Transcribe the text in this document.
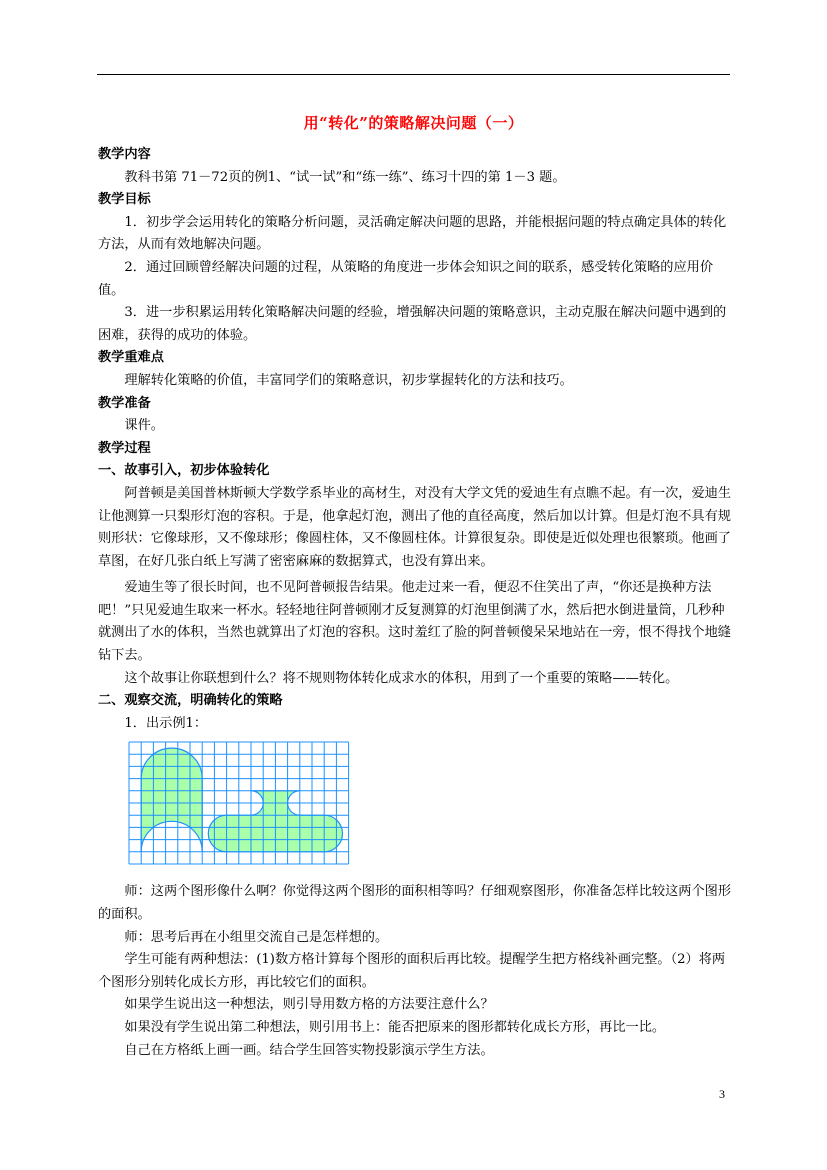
用“转化”的策略解决问题（一）

教学内容

教科书第 71－72页的例1、“试一试”和“练一练”、练习十四的第 1－3 题。

教学目标

1．初步学会运用转化的策略分析问题，灵活确定解决问题的思路，并能根据问题的特点确定具体的转化方法，从而有效地解决问题。

2．通过回顾曾经解决问题的过程，从策略的角度进一步体会知识之间的联系，感受转化策略的应用价值。

3．进一步积累运用转化策略解决问题的经验，增强解决问题的策略意识，主动克服在解决问题中遇到的困难，获得的成功的体验。

教学重难点

理解转化策略的价值，丰富同学们的策略意识，初步掌握转化的方法和技巧。

教学准备

课件。

教学过程

一、故事引入，初步体验转化

阿普顿是美国普林斯顿大学数学系毕业的高材生，对没有大学文凭的爱迪生有点瞧不起。有一次，爱迪生让他测算一只梨形灯泡的容积。于是，他拿起灯泡，测出了他的直径高度，然后加以计算。但是灯泡不具有规则形状：它像球形，又不像球形；像圆柱体，又不像圆柱体。计算很复杂。即使是近似处理也很繁琐。他画了草图，在好几张白纸上写满了密密麻麻的数据算式，也没有算出来。

爱迪生等了很长时间，也不见阿普顿报告结果。他走过来一看，便忍不住笑出了声，“你还是换种方法吧！”只见爱迪生取来一杯水。轻轻地往阿普顿刚才反复测算的灯泡里倒满了水，然后把水倒进量筒，几秒种就测出了水的体积，当然也就算出了灯泡的容积。这时羞红了脸的阿普顿傻呆呆地站在一旁，恨不得找个地缝钻下去。

这个故事让你联想到什么？将不规则物体转化成求水的体积，用到了一个重要的策略——转化。

二、观察交流，明确转化的策略

1．出示例1：

师：这两个图形像什么啊？你觉得这两个图形的面积相等吗？仔细观察图形，你准备怎样比较这两个图形的面积。

师：思考后再在小组里交流自己是怎样想的。

学生可能有两种想法：(1)数方格计算每个图形的面积后再比较。提醒学生把方格线补画完整。（2）将两个图形分别转化成长方形，再比较它们的面积。

如果学生说出这一种想法，则引导用数方格的方法要注意什么？

如果没有学生说出第二种想法，则引用书上：能否把原来的图形都转化成长方形，再比一比。

自己在方格纸上画一画。结合学生回答实物投影演示学生方法。

3
